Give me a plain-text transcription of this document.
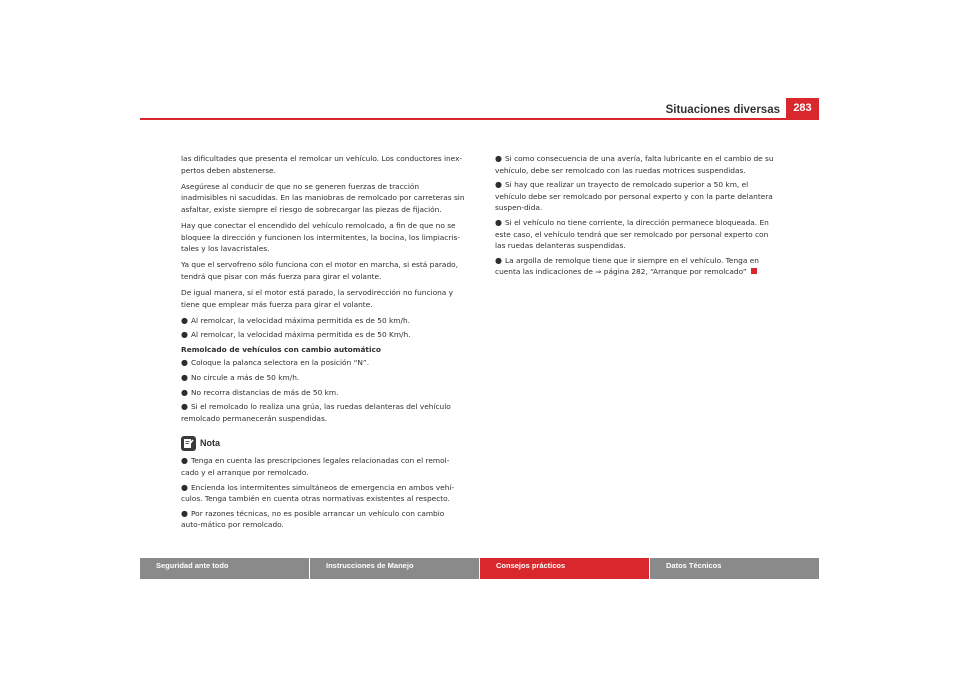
Situaciones diversas	283

las dificultades que presenta el remolcar un vehículo. Los conductores inex-pertos deben abstenerse.

Asegúrese al conducir de que no se generen fuerzas de tracción inadmisibles ni sacudidas. En las maniobras de remolcado por carreteras sin asfaltar, existe siempre el riesgo de sobrecargar las piezas de fijación.

Hay que conectar el encendido del vehículo remolcado, a fin de que no se bloquee la dirección y funcionen los intermitentes, la bocina, los limpiacris-tales y los lavacristales.

Ya que el servofreno sólo funciona con el motor en marcha, si está parado, tendrá que pisar con más fuerza para girar el volante.

De igual manera, si el motor está parado, la servodirección no funciona y tiene que emplear más fuerza para girar el volante.

● Al remolcar, la velocidad máxima permitida es de 50 km/h.
● Al remolcar, la velocidad máxima permitida es de 50 Km/h.
Remolcado de vehículos con cambio automático
● Coloque la palanca selectora en la posición “N”.
● No circule a más de 50 km/h.
● No recorra distancias de más de 50 km.
● Si el remolcado lo realiza una grúa, las ruedas delanteras del vehículo remolcado permanecerán suspendidas.
Nota
● Tenga en cuenta las prescripciones legales relacionadas con el remol-cado y el arranque por remolcado.
● Encienda los intermitentes simultáneos de emergencia en ambos vehí-culos. Tenga también en cuenta otras normativas existentes al respecto.
● Por razones técnicas, no es posible arrancar un vehículo con cambio auto-mático por remolcado.
● Si como consecuencia de una avería, falta lubricante en el cambio de su vehículo, debe ser remolcado con las ruedas motrices suspendidas.
● Si hay que realizar un trayecto de remolcado superior a 50 km, el vehículo debe ser remolcado por personal experto y con la parte delantera suspen-dida.
● Si el vehículo no tiene corriente, la dirección permanece bloqueada. En este caso, el vehículo tendrá que ser remolcado por personal experto con las ruedas delanteras suspendidas.
● La argolla de remolque tiene que ir siempre en el vehículo. Tenga en cuenta las indicaciones de ⇒ página 282, “Arranque por remolcado”
Seguridad ante todo	Instrucciones de Manejo	Consejos prácticos	Datos Técnicos
